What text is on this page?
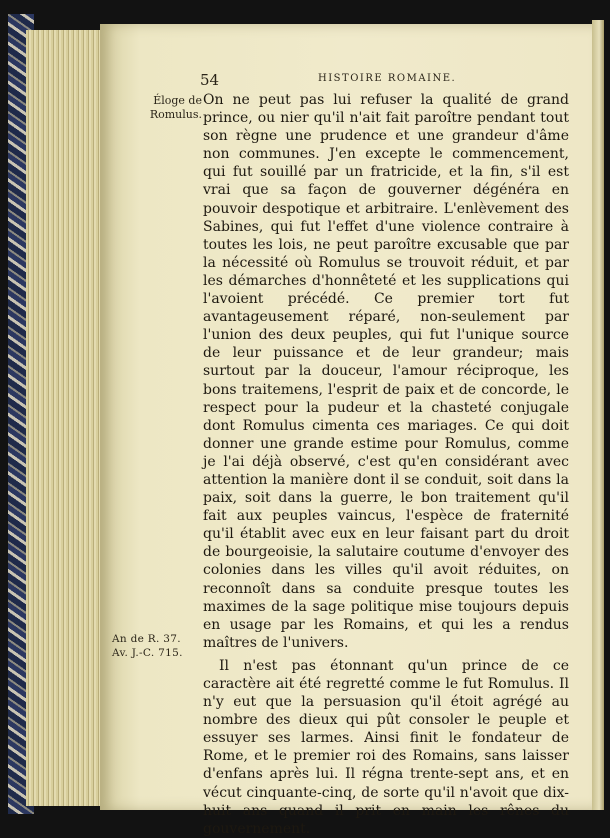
54	HISTOIRE ROMAINE.
Éloge de
Romulus.
An de R. 37.
Av. J.-C. 715.

On ne peut pas lui refuser la qualité de grand prince, ou nier qu'il n'ait fait paroître pendant tout son règne une prudence et une grandeur d'âme non communes. J'en excepte le commencement, qui fut souillé par un fratricide, et la fin, s'il est vrai que sa façon de gouverner dégénéra en pouvoir despotique et arbitraire. L'enlèvement des Sabines, qui fut l'effet d'une violence contraire à toutes les lois, ne peut paroître excusable que par la nécessité où Romulus se trouvoit réduit, et par les démarches d'honnêteté et les supplications qui l'avoient précédé. Ce premier tort fut avantageusement réparé, non-seulement par l'union des deux peuples, qui fut l'unique source de leur puissance et de leur grandeur; mais surtout par la douceur, l'amour réciproque, les bons traitemens, l'esprit de paix et de concorde, le respect pour la pudeur et la chasteté conjugale dont Romulus cimenta ces mariages. Ce qui doit donner une grande estime pour Romulus, comme je l'ai déjà observé, c'est qu'en considérant avec attention la manière dont il se conduit, soit dans la paix, soit dans la guerre, le bon traitement qu'il fait aux peuples vaincus, l'espèce de fraternité qu'il établit avec eux en leur faisant part du droit de bourgeoisie, la salutaire coutume d'envoyer des colonies dans les villes qu'il avoit réduites, on reconnoît dans sa conduite presque toutes les maximes de la sage politique mise toujours depuis en usage par les Romains, et qui les a rendus maîtres de l'univers.

Il n'est pas étonnant qu'un prince de ce caractère ait été regretté comme le fut Romulus. Il n'y eut que la persuasion qu'il étoit agrégé au nombre des dieux qui pût consoler le peuple et essuyer ses larmes. Ainsi finit le fondateur de Rome, et le premier roi des Romains, sans laisser d'enfans après lui. Il régna trente-sept ans, et en vécut cinquante-cinq, de sorte qu'il n'avoit que dix-huit ans quand il prit en main les rênes du gouvernement.
